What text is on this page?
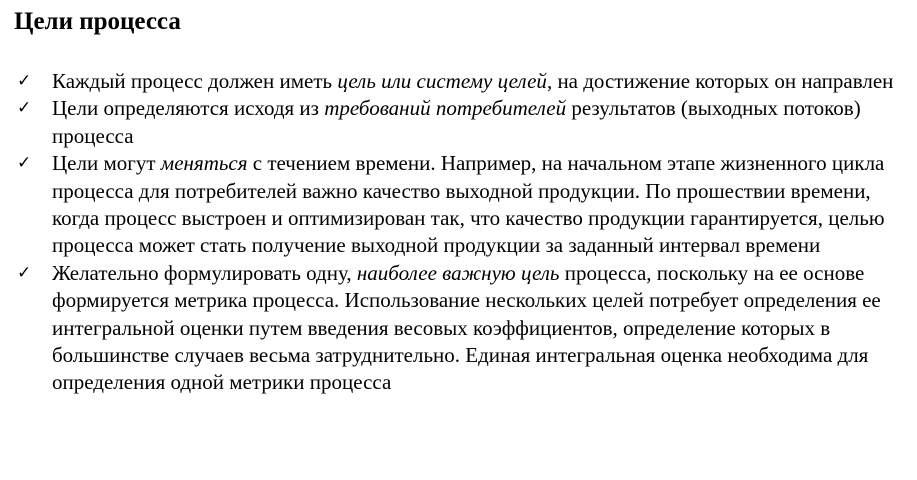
Цели процесса
✓ Каждый процесс должен иметь цель или систему целей, на достижение которых он направлен
✓ Цели определяются исходя из требований потребителей результатов (выходных потоков) процесса
✓ Цели могут меняться с течением времени. Например, на начальном этапе жизненного цикла процесса для потребителей важно качество выходной продукции. По прошествии времени, когда процесс выстроен и оптимизирован так, что качество продукции гарантируется, целью процесса может стать получение выходной продукции за заданный интервал времени
✓ Желательно формулировать одну, наиболее важную цель процесса, поскольку на ее основе формируется метрика процесса. Использование нескольких целей потребует определения ее интегральной оценки путем введения весовых коэффициентов, определение которых в большинстве случаев весьма затруднительно. Единая интегральная оценка необходима для определения одной метрики процесса
